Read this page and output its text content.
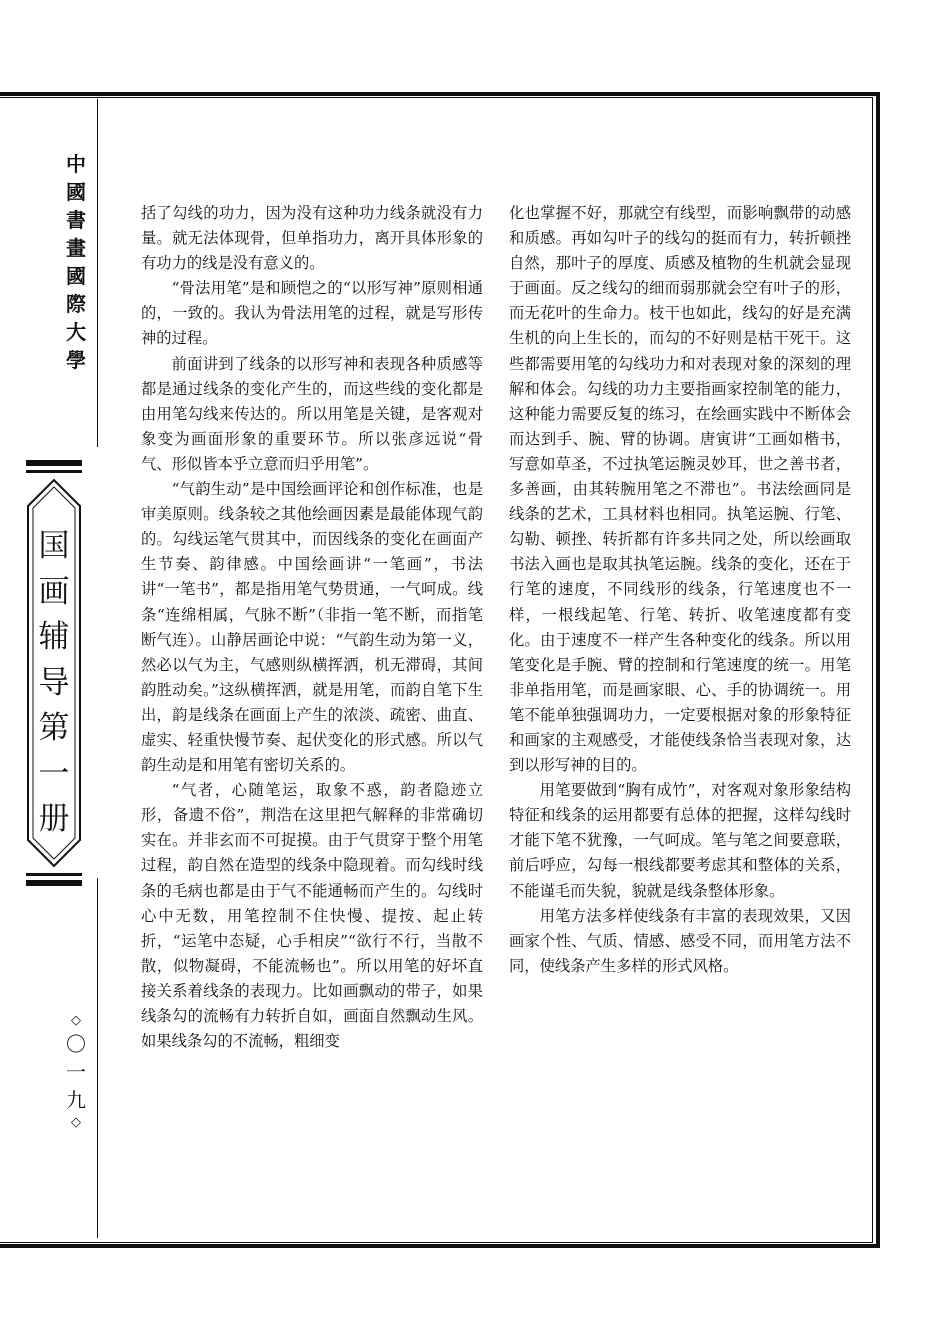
中
國
書
畫
國
際
大
學
国
画
辅
导
第
一
册
◇
〇
一
九
◇

括了勾线的功力，因为没有这种功力线条就没有力量。就无法体现骨，但单指功力，离开具体形象的有功力的线是没有意义的。

“骨法用笔”是和顾恺之的“以形写神”原则相通的，一致的。我认为骨法用笔的过程，就是写形传神的过程。

前面讲到了线条的以形写神和表现各种质感等都是通过线条的变化产生的，而这些线的变化都是由用笔勾线来传达的。所以用笔是关键，是客观对象变为画面形象的重要环节。所以张彦远说“骨气、形似皆本乎立意而归乎用笔”。

“气韵生动”是中国绘画评论和创作标准，也是审美原则。线条较之其他绘画因素是最能体现气韵的。勾线运笔气贯其中，而因线条的变化在画面产生节奏、韵律感。中国绘画讲“一笔画”，书法讲“一笔书”，都是指用笔气势贯通，一气呵成。线条“连绵相属，气脉不断”（非指一笔不断，而指笔断气连）。山静居画论中说：“气韵生动为第一义，然必以气为主，气感则纵横挥洒，机无滞碍，其间韵胜动矣。”这纵横挥洒，就是用笔，而韵自笔下生出，韵是线条在画面上产生的浓淡、疏密、曲直、虚实、轻重快慢节奏、起伏变化的形式感。所以气韵生动是和用笔有密切关系的。

“气者，心随笔运，取象不惑，韵者隐迹立形，备遗不俗”，荆浩在这里把气解释的非常确切实在。并非玄而不可捉摸。由于气贯穿于整个用笔过程，韵自然在造型的线条中隐现着。而勾线时线条的毛病也都是由于气不能通畅而产生的。勾线时心中无数，用笔控制不住快慢、提按、起止转折，“运笔中态疑，心手相戾”“欲行不行，当散不散，似物凝碍，不能流畅也”。所以用笔的好坏直接关系着线条的表现力。比如画飘动的带子，如果线条勾的流畅有力转折自如，画面自然飘动生风。如果线条勾的不流畅，粗细变

化也掌握不好，那就空有线型，而影响飘带的动感和质感。再如勾叶子的线勾的挺而有力，转折顿挫自然，那叶子的厚度、质感及植物的生机就会显现于画面。反之线勾的细而弱那就会空有叶子的形，而无花叶的生命力。枝干也如此，线勾的好是充满生机的向上生长的，而勾的不好则是枯干死干。这些都需要用笔的勾线功力和对表现对象的深刻的理解和体会。勾线的功力主要指画家控制笔的能力，这种能力需要反复的练习，在绘画实践中不断体会而达到手、腕、臂的协调。唐寅讲“工画如楷书，写意如草圣，不过执笔运腕灵妙耳，世之善书者，多善画，由其转腕用笔之不滞也”。书法绘画同是线条的艺术，工具材料也相同。执笔运腕、行笔、勾勒、顿挫、转折都有许多共同之处，所以绘画取书法入画也是取其执笔运腕。线条的变化，还在于行笔的速度，不同线形的线条，行笔速度也不一样，一根线起笔、行笔、转折、收笔速度都有变化。由于速度不一样产生各种变化的线条。所以用笔变化是手腕、臂的控制和行笔速度的统一。用笔非单指用笔，而是画家眼、心、手的协调统一。用笔不能单独强调功力，一定要根据对象的形象特征和画家的主观感受，才能使线条恰当表现对象，达到以形写神的目的。

用笔要做到“胸有成竹”，对客观对象形象结构特征和线条的运用都要有总体的把握，这样勾线时才能下笔不犹豫，一气呵成。笔与笔之间要意联，前后呼应，勾每一根线都要考虑其和整体的关系，不能谨毛而失貌，貌就是线条整体形象。

用笔方法多样使线条有丰富的表现效果，又因画家个性、气质、情感、感受不同，而用笔方法不同，使线条产生多样的形式风格。
